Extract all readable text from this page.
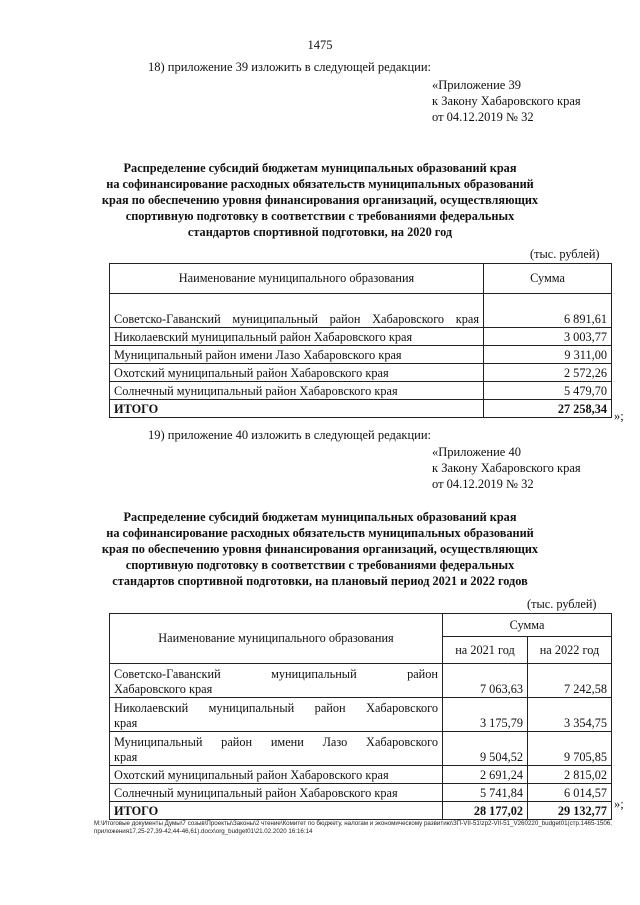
1475
18) приложение 39 изложить в следующей редакции:
«Приложение 39
к Закону Хабаровского края
от 04.12.2019 № 32
Распределение субсидий бюджетам муниципальных образований края
на софинансирование расходных обязательств муниципальных образований
края по обеспечению уровня финансирования организаций, осуществляющих
спортивную подготовку в соответствии с требованиями федеральных
стандартов спортивной подготовки, на 2020 год
(тыс. рублей)
Наименование муниципального образования	Сумма
Советско-Гаванский муниципальный район Хабаровского края	6 891,61
Николаевский муниципальный район Хабаровского края	3 003,77
Муниципальный район имени Лазо Хабаровского края	9 311,00
Охотский муниципальный район Хабаровского края	2 572,26
Солнечный муниципальный район Хабаровского края	5 479,70
ИТОГО	27 258,34 »;
19) приложение 40 изложить в следующей редакции:
«Приложение 40
к Закону Хабаровского края
от 04.12.2019 № 32
Распределение субсидий бюджетам муниципальных образований края
на софинансирование расходных обязательств муниципальных образований
края по обеспечению уровня финансирования организаций, осуществляющих
спортивную подготовку в соответствии с требованиями федеральных
стандартов спортивной подготовки, на плановый период 2021 и 2022 годов
(тыс. рублей)
Наименование муниципального образования	Сумма	
	на 2021 год	на 2022 год

Советско-Гаванский муниципальный район
Хабаровского края	7 063,63	7 242,58

Николаевский муниципальный район Хабаровского
края	3 175,79	3 354,75

Муниципальный район имени Лазо Хабаровского
края	9 504,52	9 705,85
Охотский муниципальный район Хабаровского края	2 691,24	2 815,02
Солнечный муниципальный район Хабаровского края	5 741,84	6 014,57
ИТОГО	28 177,02	29 132,77 »;
M:\Итоговые документы Думы\7 созыв\Проекты\Законы\2 чтение\Комитет по бюджету, налогам и экономическому развитию\ЗП-VII-51\zp2-VII-51_V260220_budget01(стр.1465-1506, приложения17,25-27,39-42,44-46,61).docx\org_budget01\21.02.2020 16:16:14
